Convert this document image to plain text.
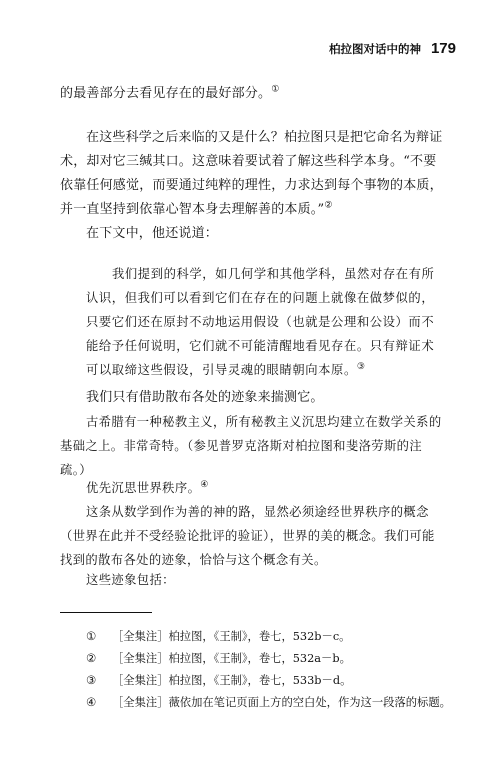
柏拉图对话中的神 179

的最善部分去看见存在的最好部分。①

在这些科学之后来临的又是什么？柏拉图只是把它命名为辩证术，却对它三缄其口。这意味着要试着了解这些科学本身。“不要依靠任何感觉，而要通过纯粹的理性，力求达到每个事物的本质，并一直坚持到依靠心智本身去理解善的本质。”②

在下文中，他还说道：

我们提到的科学，如几何学和其他学科，虽然对存在有所认识，但我们可以看到它们在存在的问题上就像在做梦似的，只要它们还在原封不动地运用假设（也就是公理和公设）而不能给予任何说明，它们就不可能清醒地看见存在。只有辩证术可以取缔这些假设，引导灵魂的眼睛朝向本原。③

我们只有借助散布各处的迹象来揣测它。

古希腊有一种秘教主义，所有秘教主义沉思均建立在数学关系的基础之上。非常奇特。（参见普罗克洛斯对柏拉图和斐洛劳斯的注疏。）

优先沉思世界秩序。④

这条从数学到作为善的神的路，显然必须途经世界秩序的概念（世界在此并不受经验论批评的验证），世界的美的概念。我们可能找到的散布各处的迹象，恰恰与这个概念有关。

这些迹象包括：

①	［全集注］柏拉图，《王制》，卷七，532b－c。
②	［全集注］柏拉图，《王制》，卷七，532a－b。
③	［全集注］柏拉图，《王制》，卷七，533b－d。
④	［全集注］薇依加在笔记页面上方的空白处，作为这一段落的标题。
